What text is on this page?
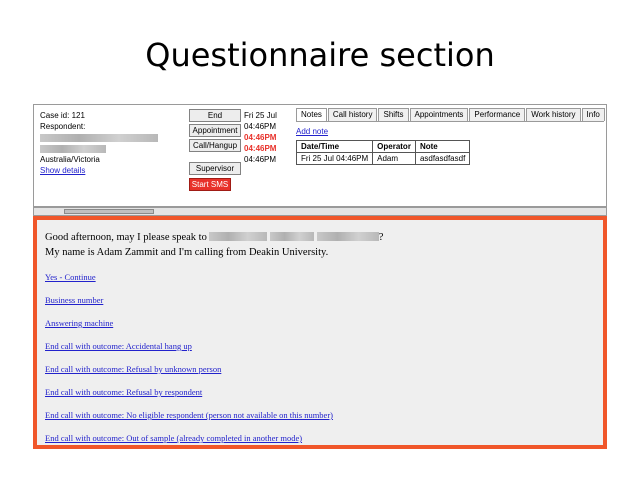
Questionnaire section
Case id: 121
Respondent:
Australia/Victoria
Show details
End
Appointment
Call/Hangup
Supervisor
Start SMS
Fri 25 Jul
04:46PM
04:46PM
04:46PM
04:46PM
Notes	Call history	Shifts	Appointments	Performance	Work history	Info
Add note
Date/Time	Operator	Note
Fri 25 Jul 04:46PM	Adam	asdfasdfasdf
Good afternoon, may I please speak to	?
My name is Adam Zammit and I'm calling from Deakin University.
Yes - Continue
Business number
Answering machine
End call with outcome: Accidental hang up
End call with outcome: Refusal by unknown person
End call with outcome: Refusal by respondent
End call with outcome: No eligible respondent (person not available on this number)
End call with outcome: Out of sample (already completed in another mode)
